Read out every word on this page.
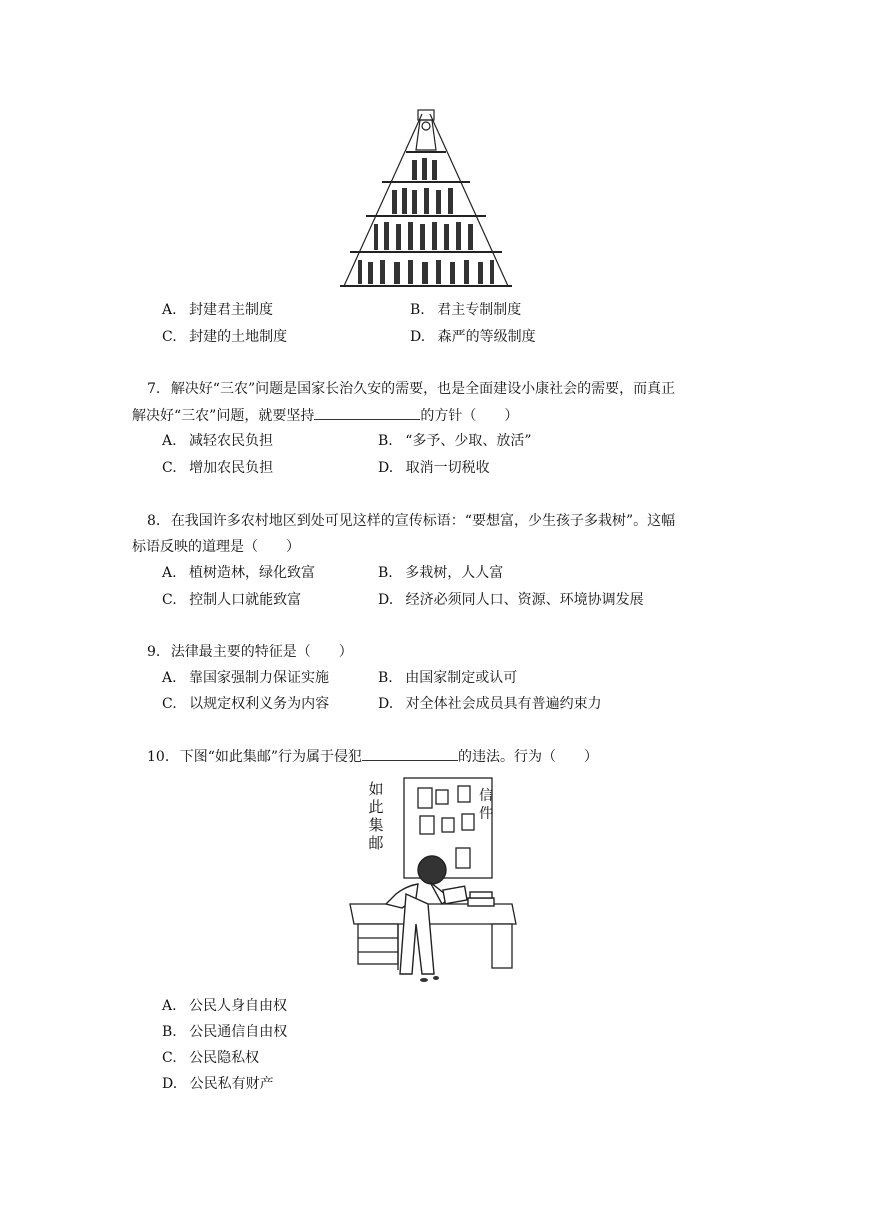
A. 封建君主制度	B. 君主专制制度
C. 封建的土地制度	D. 森严的等级制度
7. 解决好“三农”问题是国家长治久安的需要，也是全面建设小康社会的需要，而真正
解决好“三农”问题，就要坚持	的方针（　　）
A. 减轻农民负担	B. “多予、少取、放活”
C. 增加农民负担	D. 取消一切税收
8. 在我国许多农村地区到处可见这样的宣传标语：“要想富，少生孩子多栽树”。这幅
标语反映的道理是（　　）
A. 植树造林，绿化致富	B. 多栽树，人人富
C. 控制人口就能致富	D. 经济必须同人口、资源、环境协调发展
9. 法律最主要的特征是（　　）
A. 靠国家强制力保证实施	B. 由国家制定或认可
C. 以规定权利义务为内容	D. 对全体社会成员具有普遍约束力
10. 下图“如此集邮”行为属于侵犯	的违法。行为（　　）
如
此
集
邮
信
件
A. 公民人身自由权
B. 公民通信自由权
C. 公民隐私权
D. 公民私有财产
